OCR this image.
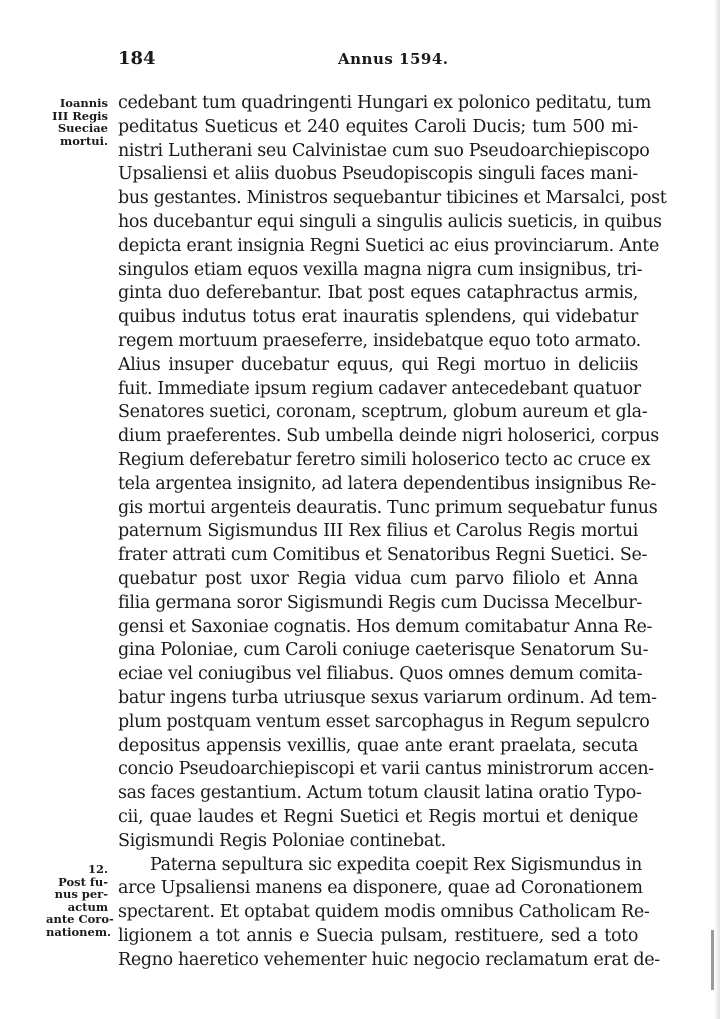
184	Annus 1594.
Ioannis
III Regis
Sueciae
mortui.
12.
Post fu-
nus per-
actum
ante Coro-
nationem.
cedebant tum quadringenti Hungari ex polonico peditatu, tum
peditatus Sueticus et 240 equites Caroli Ducis; tum 500 mi-
nistri Lutherani seu Calvinistae cum suo Pseudoarchiepiscopo
Upsaliensi et aliis duobus Pseudopiscopis singuli faces mani-
bus gestantes. Ministros sequebantur tibicines et Marsalci, post
hos ducebantur equi singuli a singulis aulicis sueticis, in quibus
depicta erant insignia Regni Suetici ac eius provinciarum. Ante
singulos etiam equos vexilla magna nigra cum insignibus, tri-
ginta duo deferebantur. Ibat post eques cataphractus armis,
quibus indutus totus erat inauratis splendens, qui videbatur
regem mortuum praeseferre, insidebatque equo toto armato.
Alius insuper ducebatur equus, qui Regi mortuo in deliciis
fuit. Immediate ipsum regium cadaver antecedebant quatuor
Senatores suetici, coronam, sceptrum, globum aureum et gla-
dium praeferentes. Sub umbella deinde nigri holoserici, corpus
Regium deferebatur feretro simili holoserico tecto ac cruce ex
tela argentea insignito, ad latera dependentibus insignibus Re-
gis mortui argenteis deauratis. Tunc primum sequebatur funus
paternum Sigismundus III Rex filius et Carolus Regis mortui
frater attrati cum Comitibus et Senatoribus Regni Suetici. Se-
quebatur post uxor Regia vidua cum parvo filiolo et Anna
filia germana soror Sigismundi Regis cum Ducissa Mecelbur-
gensi et Saxoniae cognatis. Hos demum comitabatur Anna Re-
gina Poloniae, cum Caroli coniuge caeterisque Senatorum Su-
eciae vel coniugibus vel filiabus. Quos omnes demum comita-
batur ingens turba utriusque sexus variarum ordinum. Ad tem-
plum postquam ventum esset sarcophagus in Regum sepulcro
depositus appensis vexillis, quae ante erant praelata, secuta
concio Pseudoarchiepiscopi et varii cantus ministrorum accen-
sas faces gestantium. Actum totum clausit latina oratio Typo-
cii, quae laudes et Regni Suetici et Regis mortui et denique
Sigismundi Regis Poloniae continebat.
Paterna sepultura sic expedita coepit Rex Sigismundus in
arce Upsaliensi manens ea disponere, quae ad Coronationem
spectarent. Et optabat quidem modis omnibus Catholicam Re-
ligionem a tot annis e Suecia pulsam, restituere, sed a toto
Regno haeretico vehementer huic negocio reclamatum erat de-
